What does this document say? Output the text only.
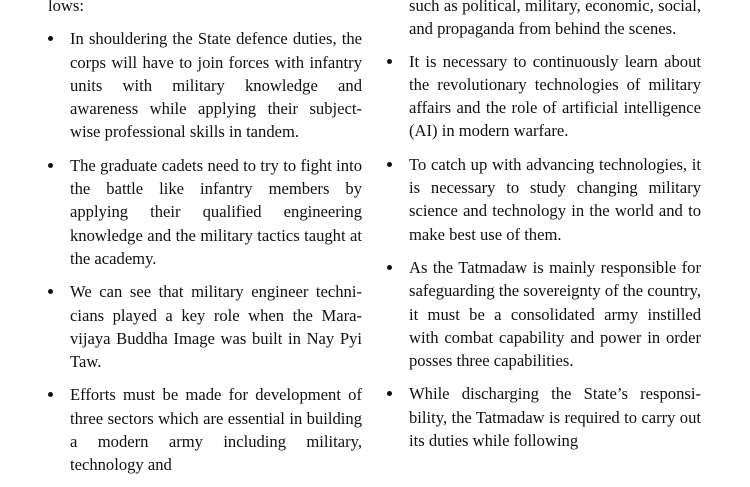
lows:

In shouldering the State defence duties, the corps will have to join forces with infantry units with military knowledge and awareness while applying their subject-wise professional skills in tandem.
The graduate cadets need to try to fight into the battle like infantry members by applying their qualified engineering knowledge and the military tactics taught at the academy.
We can see that military engineer technicians played a key role when the Maravijaya Buddha Image was built in Nay Pyi Taw.
Efforts must be made for development of three sectors which are essential in building a modern army including military, technology and

such as political, military, economic, social, and propaganda from behind the scenes.

It is necessary to continuously learn about the revolutionary technologies of military affairs and the role of artificial intelligence (AI) in modern warfare.
To catch up with advancing technologies, it is necessary to study changing military science and technology in the world and to make best use of them.
As the Tatmadaw is mainly responsible for safeguarding the sovereignty of the country, it must be a consolidated army instilled with combat capability and power in order posses three capabilities.
While discharging the State’s responsibility, the Tatmadaw is required to carry out its duties while following
